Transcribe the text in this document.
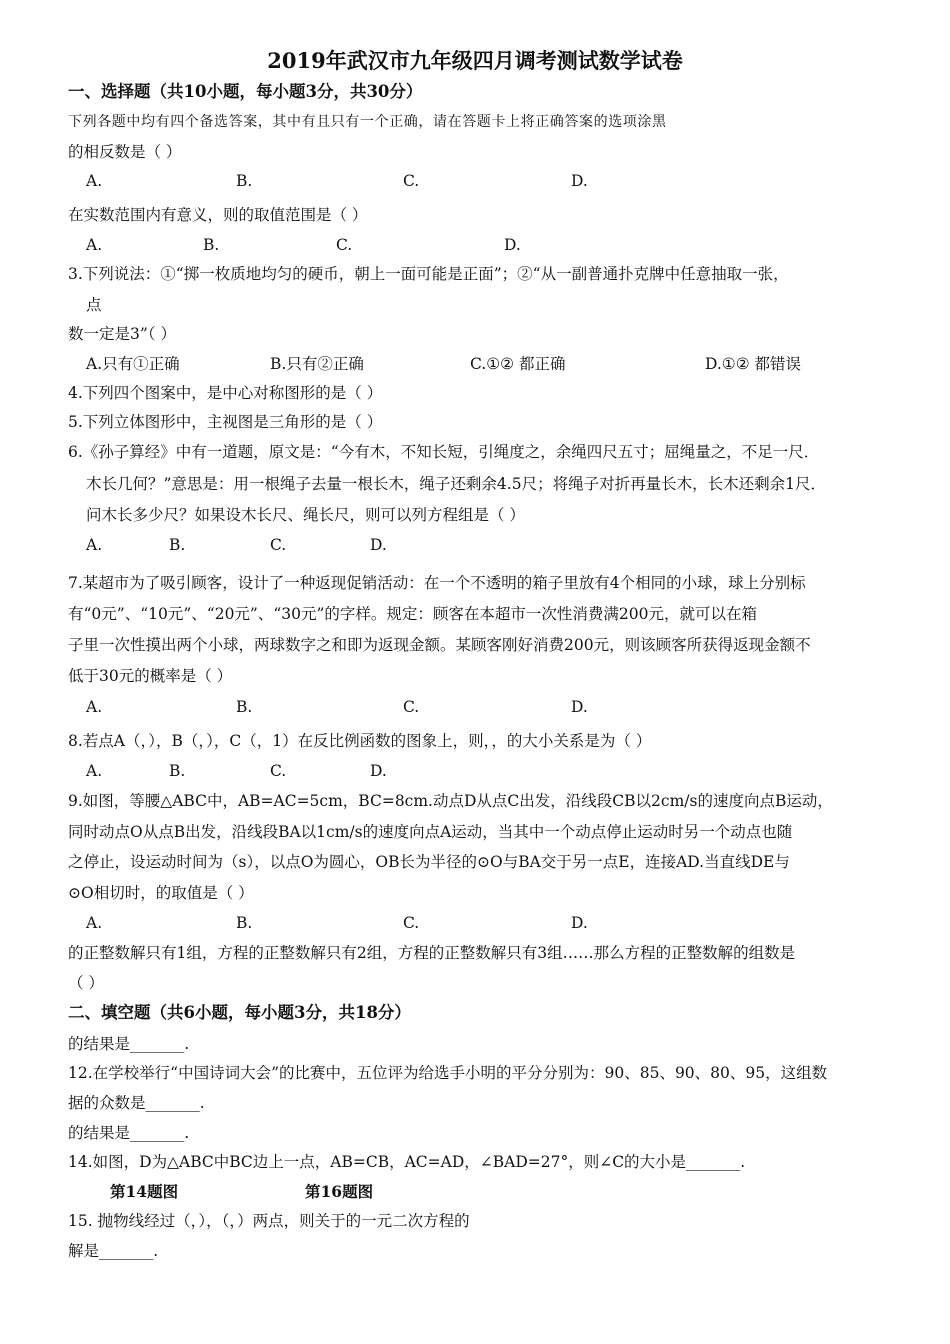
2019年武汉市九年级四月调考测试数学试卷
一、选择题（共10小题，每小题3分，共30分）
下列各题中均有四个备选答案，其中有且只有一个正确，请在答题卡上将正确答案的选项涂黑
的相反数是（ ）
A.	B.	C.	D.
在实数范围内有意义，则的取值范围是（ ）
A.	B.	C.	D.
3.下列说法：①“掷一枚质地均匀的硬币，朝上一面可能是正面”；②“从一副普通扑克牌中任意抽取一张，
点
数一定是3”（ ）
A.只有①正确	B.只有②正确	C.①② 都正确	D.①② 都错误
4.下列四个图案中，是中心对称图形的是（ ）
5.下列立体图形中，主视图是三角形的是（ ）
6.《孙子算经》中有一道题，原文是：“今有木，不知长短，引绳度之，余绳四尺五寸；屈绳量之，不足一尺．
木长几何？”意思是：用一根绳子去量一根长木，绳子还剩余4.5尺；将绳子对折再量长木，长木还剩余1尺．
问木长多少尺？如果设木长尺、绳长尺，则可以列方程组是（ ）
A.	B.	C.	D.
7.某超市为了吸引顾客，设计了一种返现促销活动：在一个不透明的箱子里放有4个相同的小球，球上分别标
有“0元”、“10元”、“20元”、“30元”的字样。规定：顾客在本超市一次性消费满200元，就可以在箱
子里一次性摸出两个小球，两球数字之和即为返现金额。某顾客刚好消费200元，则该顾客所获得返现金额不
低于30元的概率是（ ）
A.	B.	C.	D.
8.若点A（，），B（，），C（，1）在反比例函数的图象上，则，，的大小关系是为（ ）
A.	B.	C.	D.
9.如图，等腰△ABC中，AB=AC=5cm，BC=8cm.动点D从点C出发，沿线段CB以2cm/s的速度向点B运动，
同时动点O从点B出发，沿线段BA以1cm/s的速度向点A运动，当其中一个动点停止运动时另一个动点也随
之停止，设运动时间为（s），以点O为圆心，OB长为半径的⊙O与BA交于另一点E，连接AD.当直线DE与
⊙O相切时，的取值是（ ）
A.	B.	C.	D.
的正整数解只有1组，方程的正整数解只有2组，方程的正整数解只有3组……那么方程的正整数解的组数是
（ ）
二、填空题（共6小题，每小题3分，共18分）
的结果是_______.
12.在学校举行“中国诗词大会”的比赛中，五位评为给选手小明的平分分别为：90、85、90、80、95，这组数
据的众数是_______.
的结果是_______.
14.如图，D为△ABC中BC边上一点，AB=CB，AC=AD，∠BAD=27°，则∠C的大小是_______.
第14题图	第16题图
15. 抛物线经过（，），（，）两点，则关于的一元二次方程的
解是_______.
